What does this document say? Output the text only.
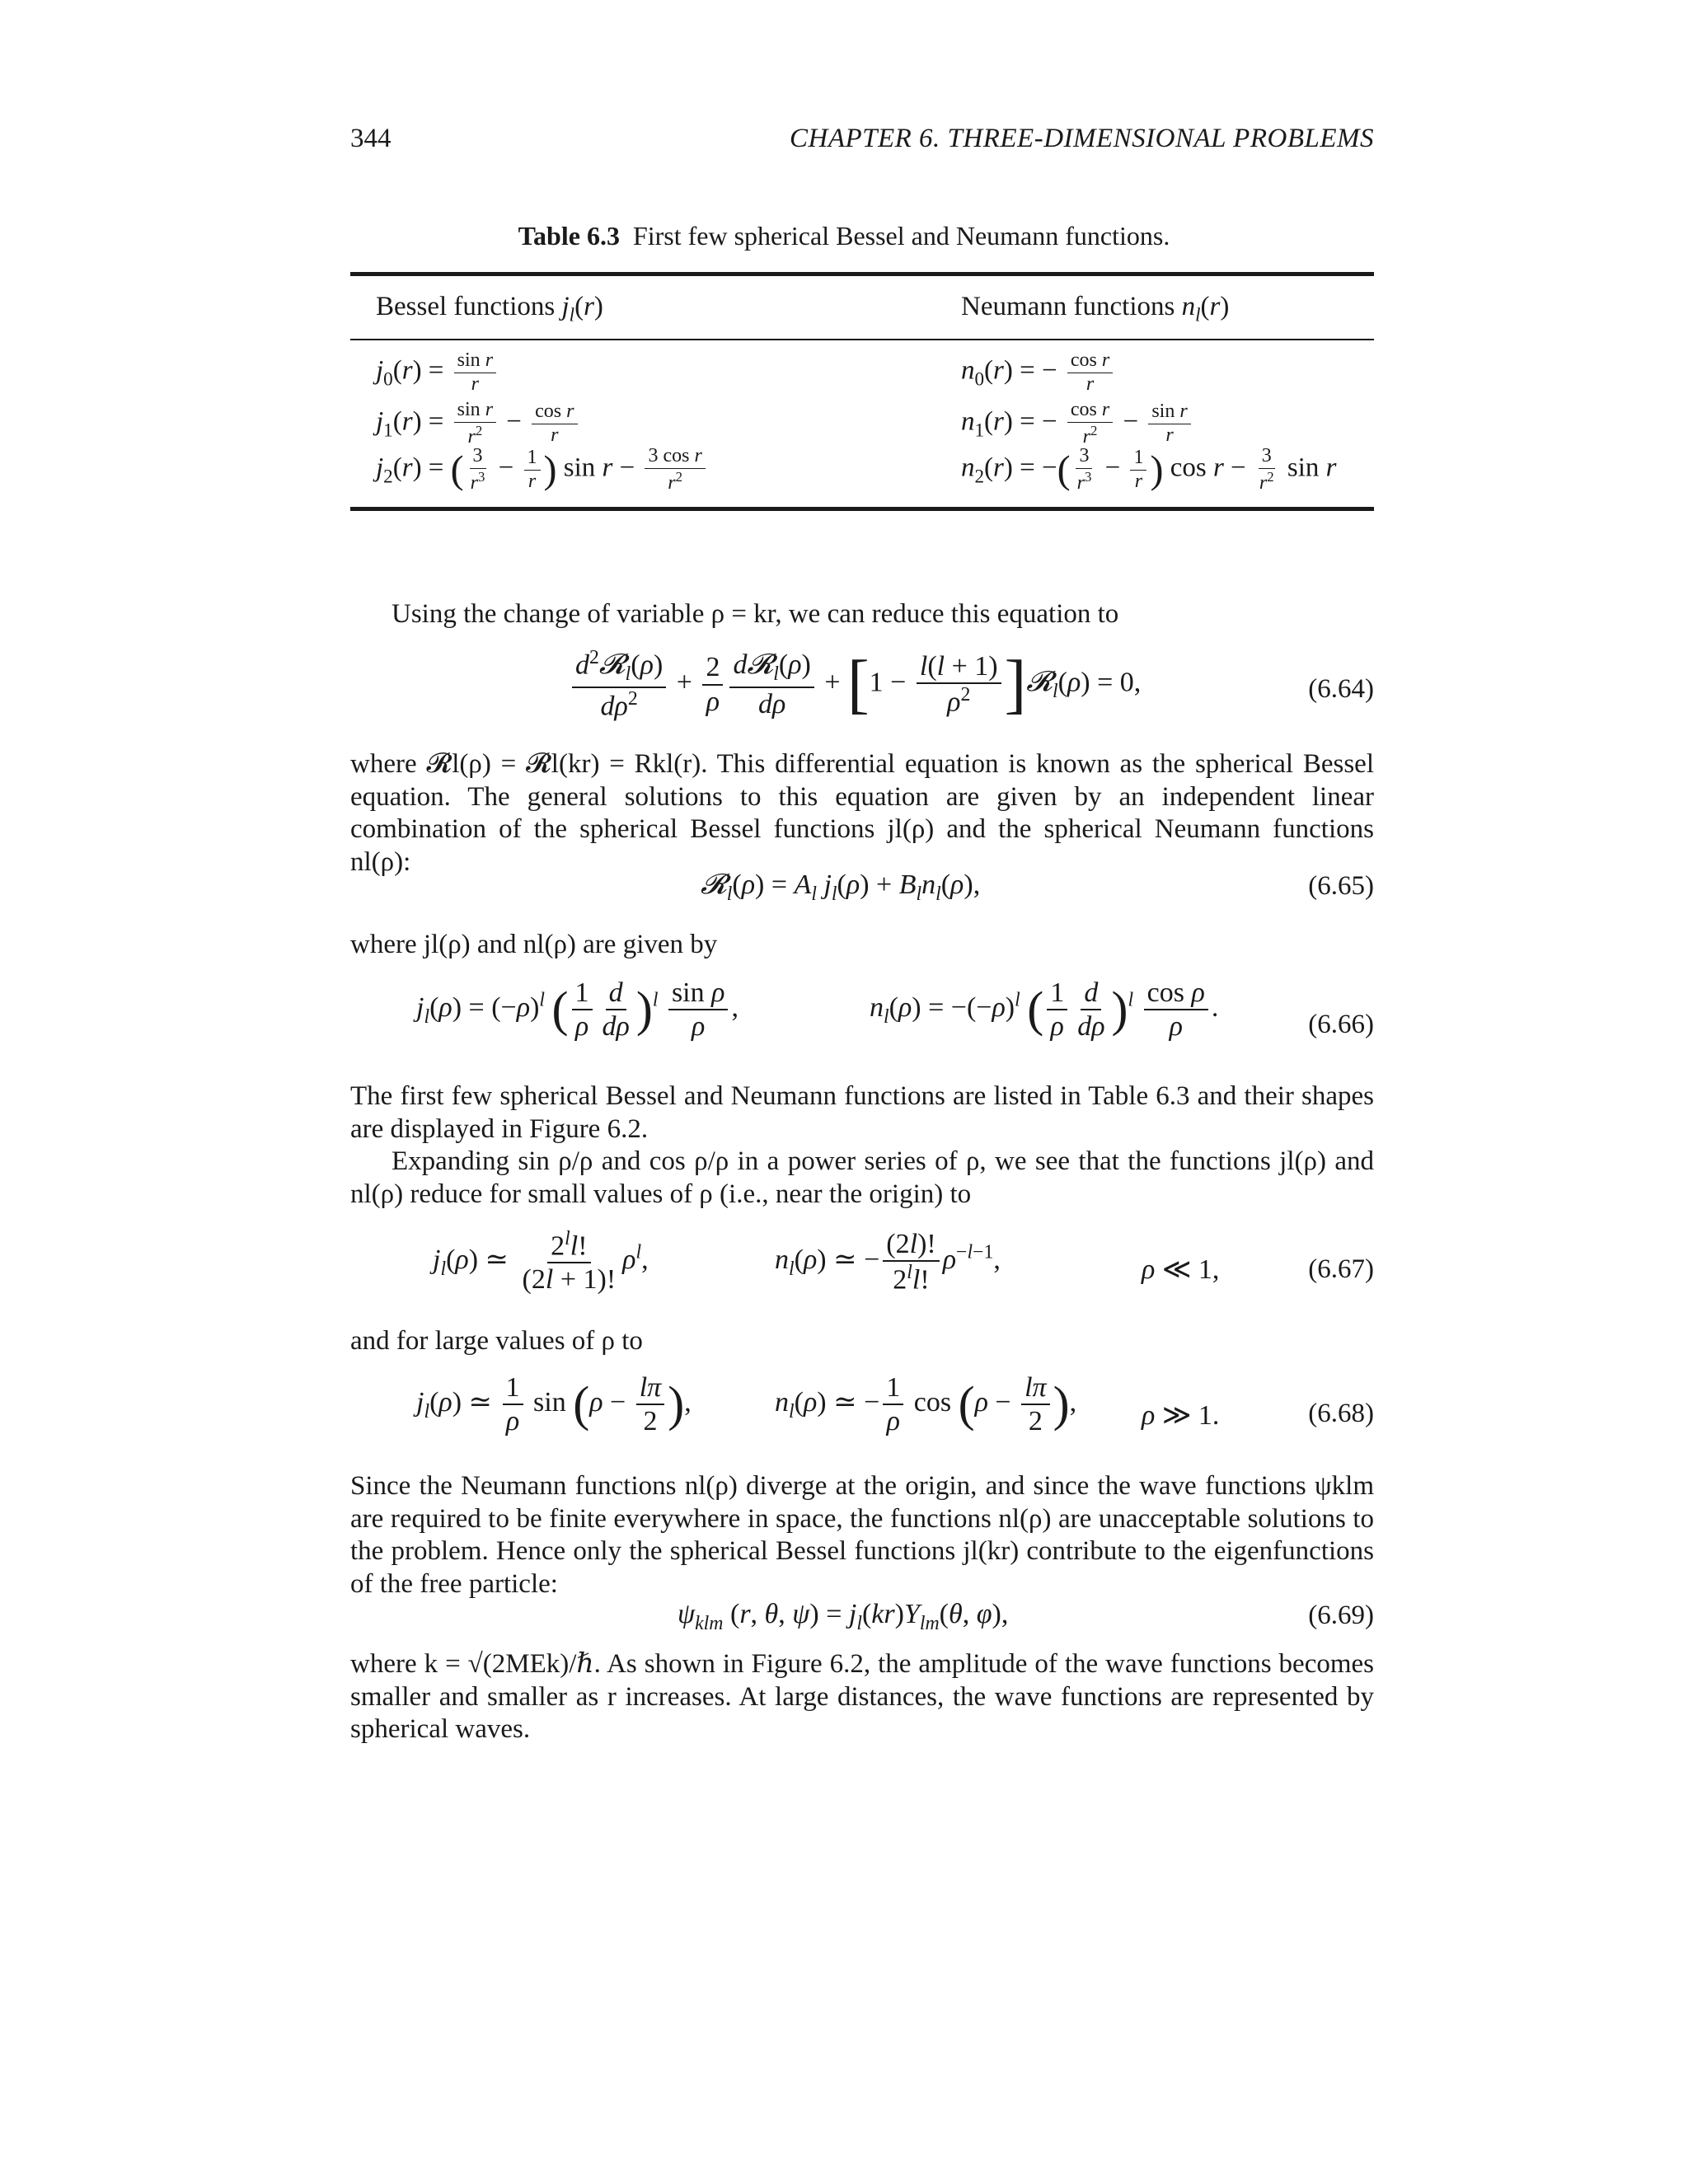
344	CHAPTER 6. THREE-DIMENSIONAL PROBLEMS
Table 6.3 First few spherical Bessel and Neumann functions.
Bessel functions $j_l(r)$	Neumann functions $n_l(r)$
$j_0(r) = \frac{\text{sin r}}{r}$	$n_0(r)$ = − $\frac{\text{cos r}}{r}$
$j_1(r) = \frac{\text{sin r}}{r^2} - \frac{\text{cos r}}{r}$	$n_1(r)$ = − $\frac{\text{cos r}}{r^2} - \frac{\text{sin r}}{r}$
$j_2(r)$ = ( $\frac{3}{r^3} - \frac{1}{r}$ ) $\sin r - \frac{\text{3 cos r}}{r^2}$	$n_2(r)$ = −( $\frac{3}{r^3} - \frac{1}{r}$ ) $\cos r - \frac{3}{r^2}$ sin r
Using the change of variable ρ = kr, we can reduce this equation to
$\frac{d^2𝓡_l(\rho)}{d\rho^2} + \frac{2}{\rho} \frac{d𝓡_l(\rho)}{d\rho} + [1 - \frac{l(l + 1)}{\rho^2}$ ]𝓡$_l$(ρ) = 0,	(6.64)
where 𝓡l(ρ) = 𝓡l(kr) = Rkl(r). This differential equation is known as the spherical Bessel equation. The general solutions to this equation are given by an independent linear combination of the spherical Bessel functions jl(ρ) and the spherical Neumann functions nl(ρ):
𝓡$_l$(ρ) = $A_l$ $j_l(\rho) + B_ln_l(\rho)$,	(6.65)
where jl(ρ) and nl(ρ) are given by
$j_l(\rho) = (-\rho)^l$ ( $\frac{1}{\rho} \frac{d}{d\rho} )^l \frac{\text{sin ρ}}{\rho}$ ,	$n_l(\rho) = -(-\rho)^l$ ( $\frac{1}{\rho} \frac{d}{d\rho} )^l \frac{\text{cos ρ}}{\rho}$ .
(6.66)
The first few spherical Bessel and Neumann functions are listed in Table 6.3 and their shapes are displayed in Figure 6.2.
Expanding sin ρ/ρ and cos ρ/ρ in a power series of ρ, we see that the functions jl(ρ) and nl(ρ) reduce for small values of ρ (i.e., near the origin) to
$j_l(\rho)$ ≃ $\frac{2^ll!}{(2l + 1)!} \rho^l$,	$n_l(\rho)$ ≃ − $\frac{(2l)!}{2^ll!} \rho^{-l-1}$,	ρ ≪ 1,	(6.67)
and for large values of ρ to
$j_l(\rho)$ ≃ $\frac{1}{\rho}$ $\sin (\rho - \frac{l\pi}{2}$ ),	$n_l(\rho)$ ≃ − $\frac{1}{\rho}$ $\cos (\rho - \frac{l\pi}{2}$ ), ρ ≫ 1.	(6.68)
Since the Neumann functions nl(ρ) diverge at the origin, and since the wave functions ψklm are required to be finite everywhere in space, the functions nl(ρ) are unacceptable solutions to the problem. Hence only the spherical Bessel functions jl(kr) contribute to the eigenfunctions of the free particle:
$\psi_{klm}$ (r, θ, $\psi) = j_l(kr)Y_{lm}(\theta$, φ),	(6.69)
where k = √(2MEk)/ℏ. As shown in Figure 6.2, the amplitude of the wave functions becomes smaller and smaller as r increases. At large distances, the wave functions are represented by spherical waves.
